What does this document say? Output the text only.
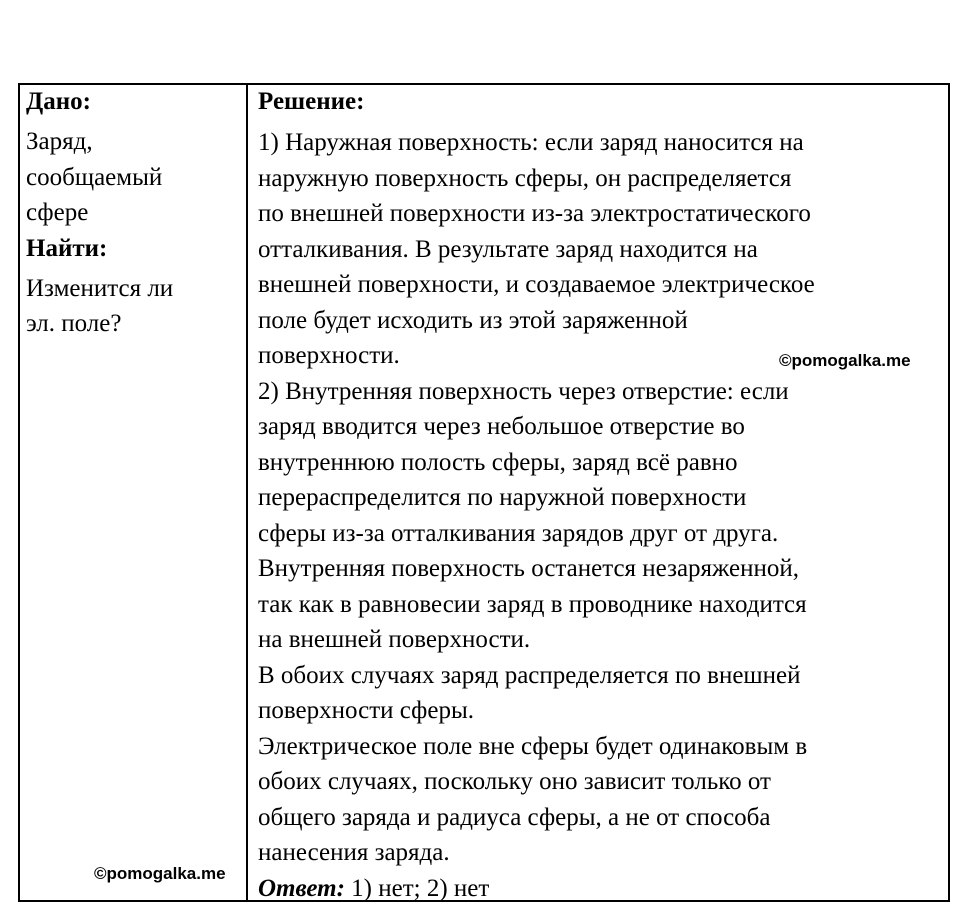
Дано:

Заряд,
сообщаемый
сфере

Найти:

Изменится ли
эл. поле?

Решение:

1) Наружная поверхность: если заряд наносится на
наружную поверхность сферы, он распределяется
по внешней поверхности из-за электростатического
отталкивания. В результате заряд находится на
внешней поверхности, и создаваемое электрическое
поле будет исходить из этой заряженной
поверхности.

2) Внутренняя поверхность через отверстие: если
заряд вводится через небольшое отверстие во
внутреннюю полость сферы, заряд всё равно
перераспределится по наружной поверхности
сферы из-за отталкивания зарядов друг от друга.
Внутренняя поверхность останется незаряженной,
так как в равновесии заряд в проводнике находится
на внешней поверхности.

В обоих случаях заряд распределяется по внешней
поверхности сферы.

Электрическое поле вне сферы будет одинаковым в
обоих случаях, поскольку оно зависит только от
общего заряда и радиуса сферы, а не от способа
нанесения заряда.

Ответ: 1) нет; 2) нет

©pomogalka.me
©pomogalka.me
